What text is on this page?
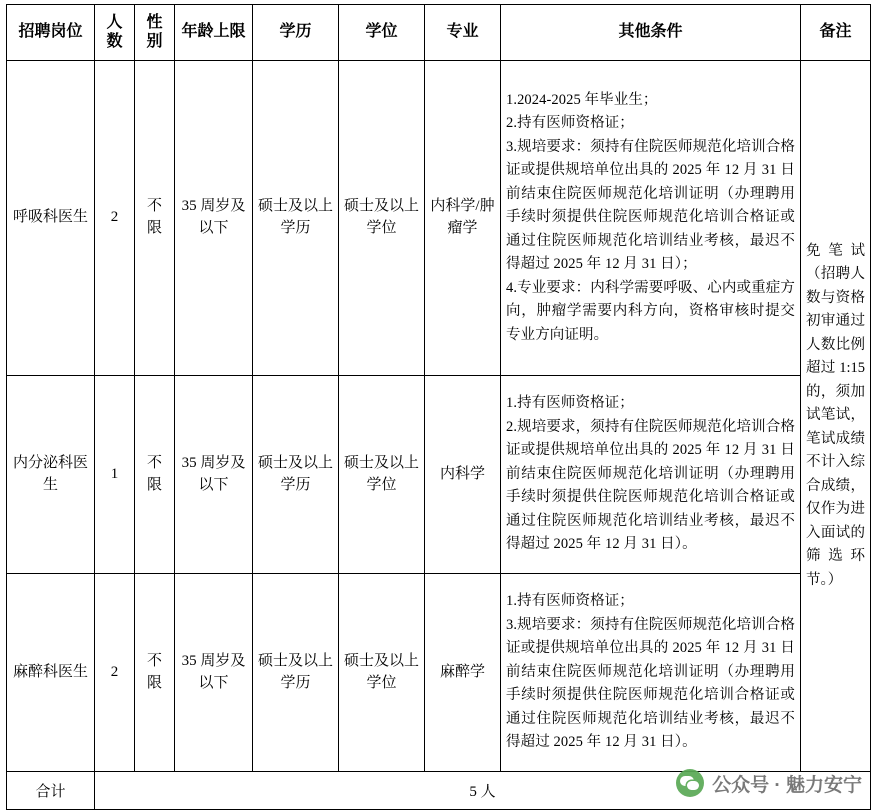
招聘岗位	人数	性别	年龄上限	学历	学位	专业	其他条件	备注
呼吸科医生	2	不限	35 周岁及以下	硕士及以上学历	硕士及以上学位	内科学/肿瘤学	1.2024-2025 年毕业生；

2.持有医师资格证；

3.规培要求：须持有住院医师规范化培训合格证或提供规培单位出具的 2025 年 12 月 31 日前结束住院医师规范化培训证明（办理聘用手续时须提供住院医师规范化培训合格证或通过住院医师规范化培训结业考核，最迟不得超过 2025 年 12 月 31 日）；

4.专业要求：内科学需要呼吸、心内或重症方向，肿瘤学需要内科方向，资格审核时提交专业方向证明。	免笔试（招聘人数与资格初审通过人数比例超过 1:15 的，须加试笔试，笔试成绩不计入综合成绩，仅作为进入面试的筛选环节。）

内分泌科医生	1	不限	35 周岁及以下	硕士及以上学历	硕士及以上学位	内科学	1.持有医师资格证；

2.规培要求，须持有住院医师规范化培训合格证或提供规培单位出具的 2025 年 12 月 31 日前结束住院医师规范化培训证明（办理聘用手续时须提供住院医师规范化培训合格证或通过住院医师规范化培训结业考核，最迟不得超过 2025 年 12 月 31 日）。	

麻醉科医生	2	不限	35 周岁及以下	硕士及以上学历	硕士及以上学位	麻醉学	1.持有医师资格证；

3.规培要求：须持有住院医师规范化培训合格证或提供规培单位出具的 2025 年 12 月 31 日前结束住院医师规范化培训证明（办理聘用手续时须提供住院医师规范化培训合格证或通过住院医师规范化培训结业考核，最迟不得超过 2025 年 12 月 31 日）。	

合计	5 人								公众号 · 魅力安宁
